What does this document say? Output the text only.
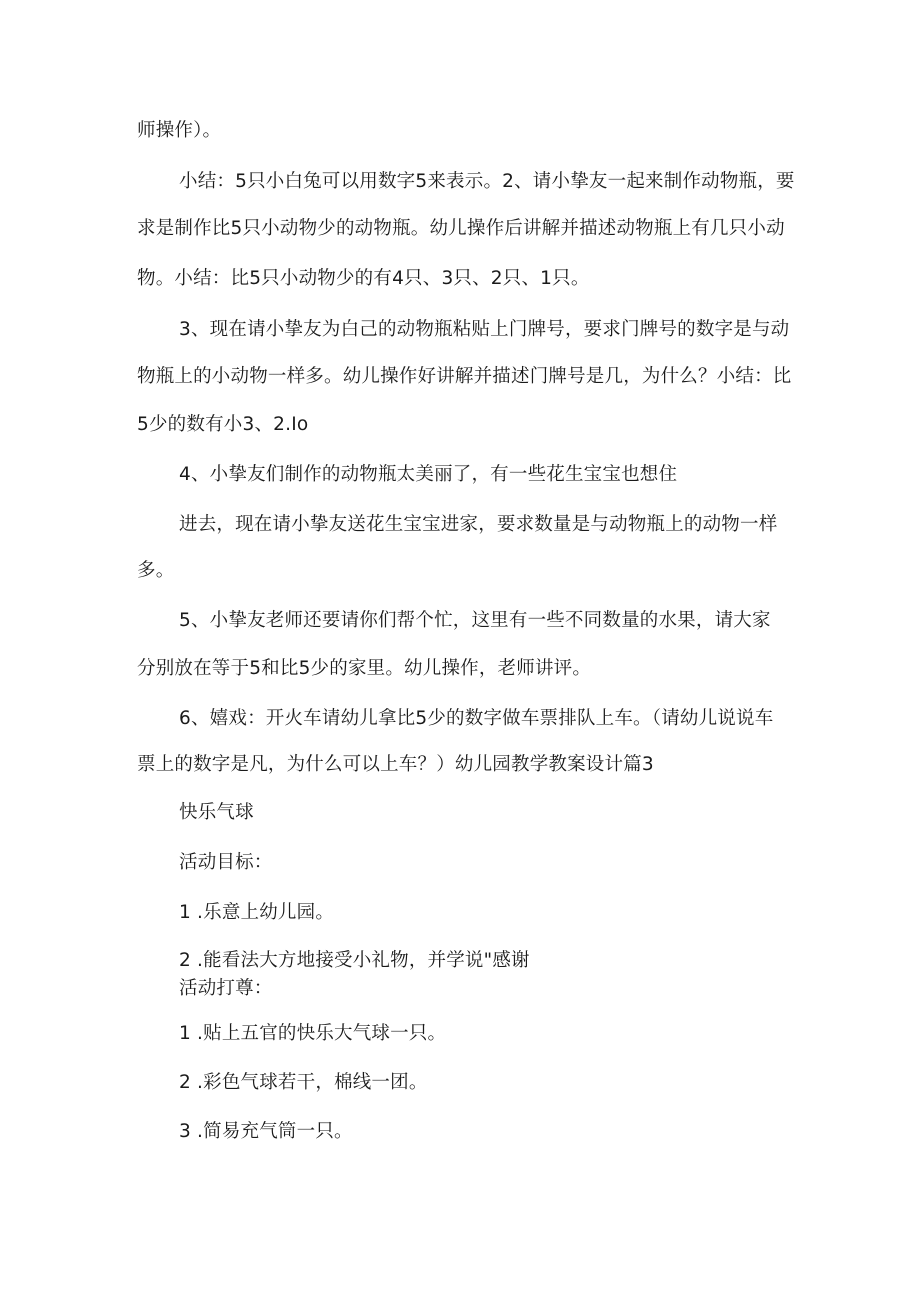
师操作）。
小结：5只小白兔可以用数字5来表示。2、请小挚友一起来制作动物瓶，要
求是制作比5只小动物少的动物瓶。幼儿操作后讲解并描述动物瓶上有几只小动
物。小结：比5只小动物少的有4只、3只、2只、1只。
3、现在请小挚友为白己的动物瓶粘贴上门牌号，要求门牌号的数字是与动
物瓶上的小动物一样多。幼儿操作好讲解并描述门牌号是几，为什么？小结：比
5少的数有小3、2.Io
4、小挚友们制作的动物瓶太美丽了，有一些花生宝宝也想住
进去，现在请小挚友送花生宝宝进家，要求数量是与动物瓶上的动物一样
多。
5、小挚友老师还要请你们帮个忙，这里有一些不同数量的水果，请大家
分别放在等于5和比5少的家里。幼儿操作，老师讲评。
6、嬉戏：开火车请幼儿拿比5少的数字做车票排队上车。（请幼儿说说车
票上的数字是凡，为什么可以上车？）幼儿园教学教案设计篇3
快乐气球
活动目标：
1 .乐意上幼儿园。
2 .能看法大方地接受小礼物，并学说"感谢
活动打尊：
1 .贴上五官的快乐大气球一只。
2 .彩色气球若干，棉线一团。
3 .简易充气筒一只。
